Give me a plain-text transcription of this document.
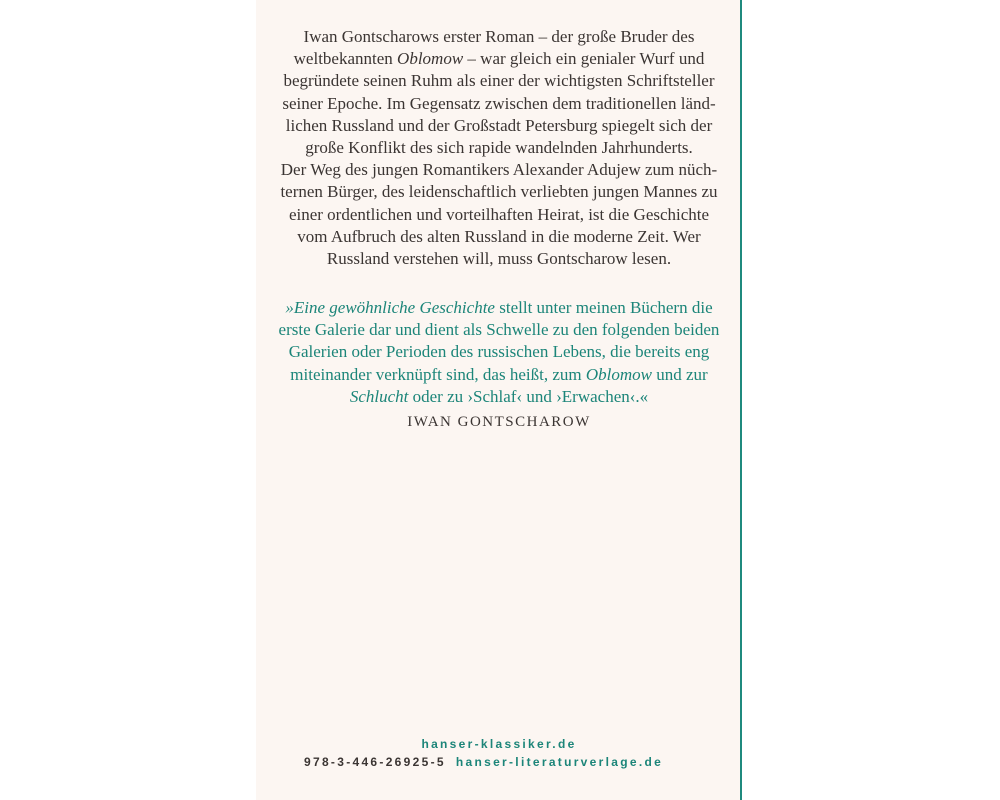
Iwan Gontscharows erster Roman – der große Bruder des
weltbekannten Oblomow – war gleich ein genialer Wurf und
begründete seinen Ruhm als einer der wichtigsten Schriftsteller
seiner Epoche. Im Gegensatz zwischen dem traditionellen länd-
lichen Russland und der Großstadt Petersburg spiegelt sich der
große Konflikt des sich rapide wandelnden Jahrhunderts.
Der Weg des jungen Romantikers Alexander Adujew zum nüch-
ternen Bürger, des leidenschaftlich verliebten jungen Mannes zu
einer ordentlichen und vorteilhaften Heirat, ist die Geschichte
vom Aufbruch des alten Russland in die moderne Zeit. Wer
Russland verstehen will, muss Gontscharow lesen.
»Eine gewöhnliche Geschichte stellt unter meinen Büchern die
erste Galerie dar und dient als Schwelle zu den folgenden beiden
Galerien oder Perioden des russischen Lebens, die bereits eng
miteinander verknüpft sind, das heißt, zum Oblomow und zur
Schlucht oder zu ›Schlaf‹ und ›Erwachen‹.«
IWAN GONTSCHAROW
hanser-klassiker.de
978-3-446-26925-5 hanser-literaturverlage.de
